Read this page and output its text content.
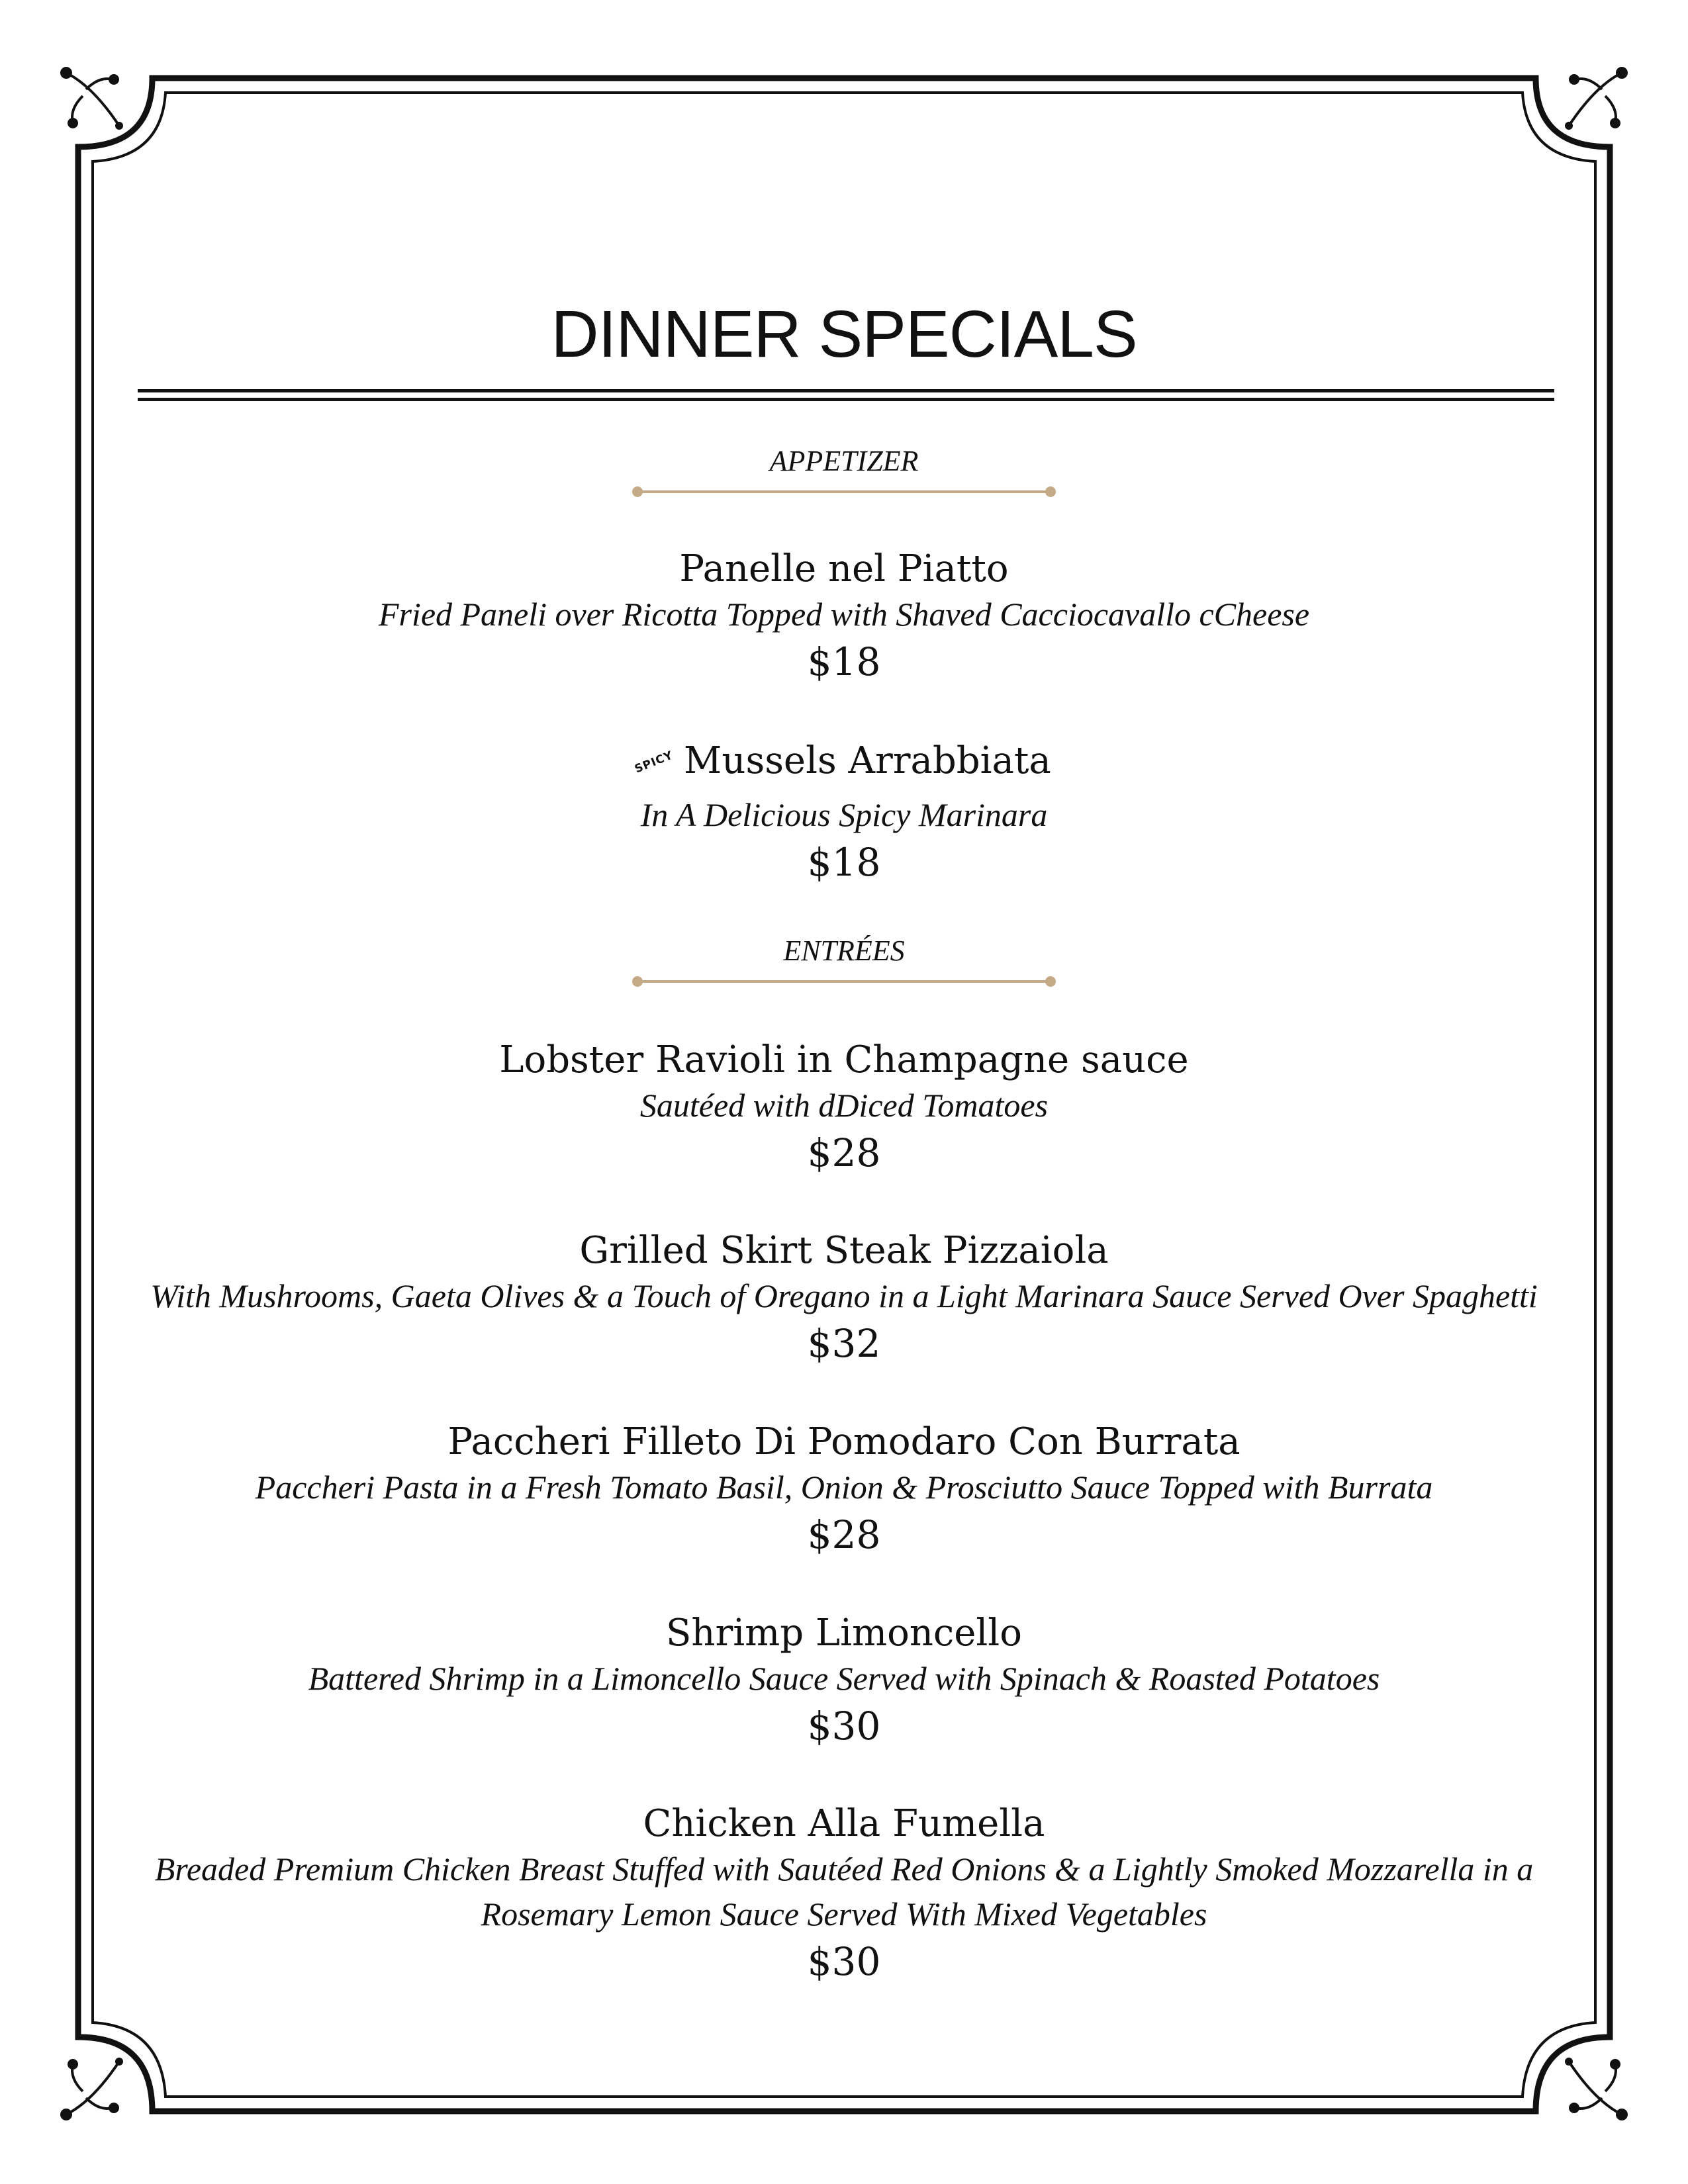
DINNER SPECIALS
APPETIZER
Panelle nel Piatto
Fried Paneli over Ricotta Topped with Shaved Cacciocavallo cCheese
$18
SPICY Mussels Arrabbiata
In A Delicious Spicy Marinara
$18
ENTRÉES
Lobster Ravioli in Champagne sauce
Sautéed with dDiced Tomatoes
$28
Grilled Skirt Steak Pizzaiola
With Mushrooms, Gaeta Olives & a Touch of Oregano in a Light Marinara Sauce Served Over Spaghetti
$32
Paccheri Filleto Di Pomodaro Con Burrata
Paccheri Pasta in a Fresh Tomato Basil, Onion & Prosciutto Sauce Topped with Burrata
$28
Shrimp Limoncello
Battered Shrimp in a Limoncello Sauce Served with Spinach & Roasted Potatoes
$30
Chicken Alla Fumella
Breaded Premium Chicken Breast Stuffed with Sautéed Red Onions & a Lightly Smoked Mozzarella in a
Rosemary Lemon Sauce Served With Mixed Vegetables
$30
